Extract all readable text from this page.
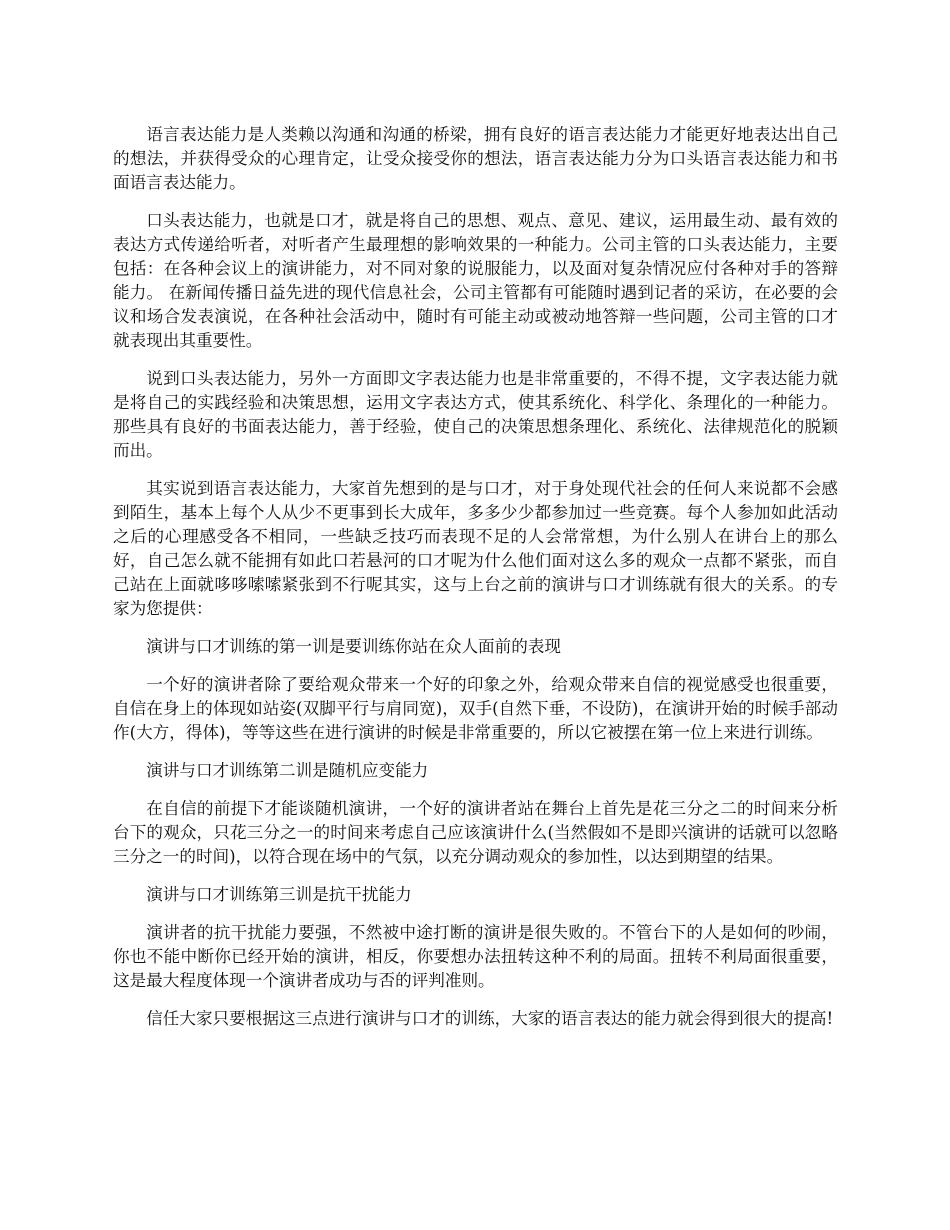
语言表达能力是人类赖以沟通和沟通的桥梁，拥有良好的语言表达能力才能更好地表达出自己的想法，并获得受众的心理肯定，让受众接受你的想法，语言表达能力分为口头语言表达能力和书面语言表达能力。

口头表达能力，也就是口才，就是将自己的思想、观点、意见、建议，运用最生动、最有效的表达方式传递给听者，对听者产生最理想的影响效果的一种能力。公司主管的口头表达能力，主要包括：在各种会议上的演讲能力，对不同对象的说服能力，以及面对复杂情况应付各种对手的答辩能力。 在新闻传播日益先进的现代信息社会，公司主管都有可能随时遇到记者的采访，在必要的会议和场合发表演说，在各种社会活动中，随时有可能主动或被动地答辩一些问题，公司主管的口才就表现出其重要性。

说到口头表达能力，另外一方面即文字表达能力也是非常重要的，不得不提，文字表达能力就是将自己的实践经验和决策思想，运用文字表达方式，使其系统化、科学化、条理化的一种能力。那些具有良好的书面表达能力，善于经验，使自己的决策思想条理化、系统化、法律规范化的脱颖而出。

其实说到语言表达能力，大家首先想到的是与口才，对于身处现代社会的任何人来说都不会感到陌生，基本上每个人从少不更事到长大成年，多多少少都参加过一些竞赛。每个人参加如此活动之后的心理感受各不相同，一些缺乏技巧而表现不足的人会常常想，为什么别人在讲台上的那么好，自己怎么就不能拥有如此口若悬河的口才呢为什么他们面对这么多的观众一点都不紧张，而自己站在上面就哆哆嗦嗦紧张到不行呢其实，这与上台之前的演讲与口才训练就有很大的关系。的专家为您提供：

演讲与口才训练的第一训是要训练你站在众人面前的表现

一个好的演讲者除了要给观众带来一个好的印象之外，给观众带来自信的视觉感受也很重要，自信在身上的体现如站姿(双脚平行与肩同宽)，双手(自然下垂，不设防)，在演讲开始的时候手部动作(大方，得体)，等等这些在进行演讲的时候是非常重要的，所以它被摆在第一位上来进行训练。

演讲与口才训练第二训是随机应变能力

在自信的前提下才能谈随机演讲，一个好的演讲者站在舞台上首先是花三分之二的时间来分析台下的观众，只花三分之一的时间来考虑自己应该演讲什么(当然假如不是即兴演讲的话就可以忽略三分之一的时间)，以符合现在场中的气氛，以充分调动观众的参加性，以达到期望的结果。

演讲与口才训练第三训是抗干扰能力

演讲者的抗干扰能力要强，不然被中途打断的演讲是很失败的。不管台下的人是如何的吵闹，你也不能中断你已经开始的演讲，相反，你要想办法扭转这种不利的局面。扭转不利局面很重要，这是最大程度体现一个演讲者成功与否的评判准则。

信任大家只要根据这三点进行演讲与口才的训练，大家的语言表达的能力就会得到很大的提高!
